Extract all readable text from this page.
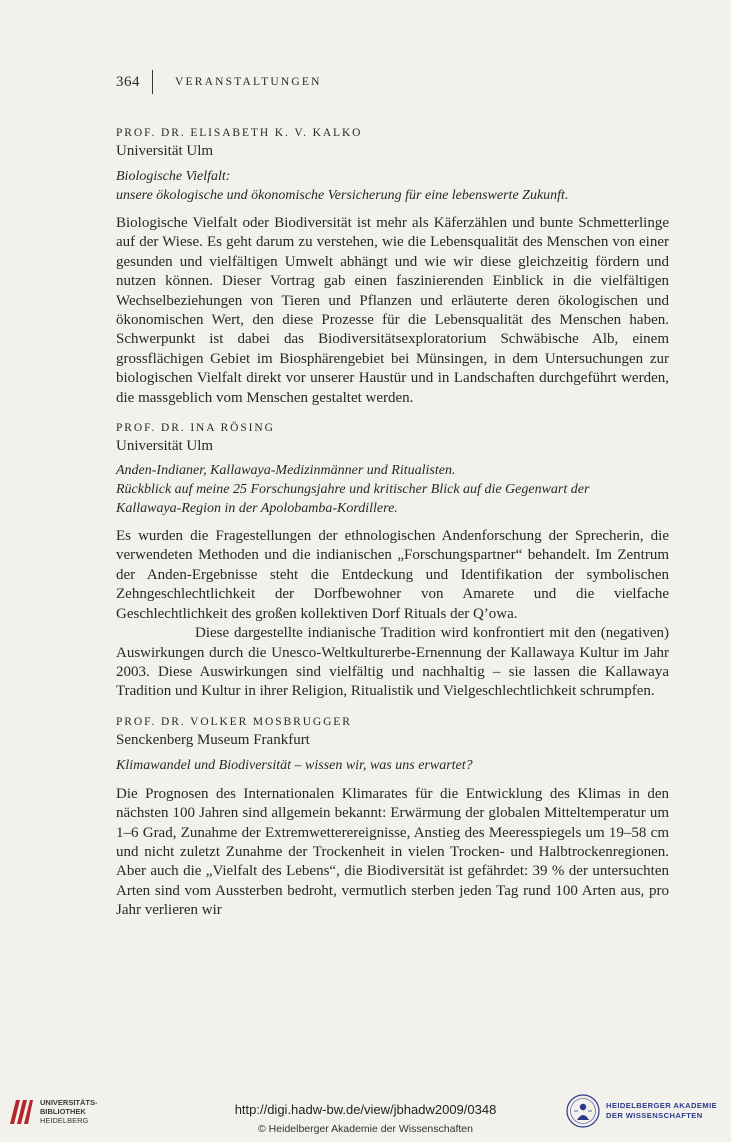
364	VERANSTALTUNGEN
PROF. DR. ELISABETH K. V. KALKO
Universität Ulm
Biologische Vielfalt:
unsere ökologische und ökonomische Versicherung für eine lebenswerte Zukunft.

Biologische Vielfalt oder Biodiversität ist mehr als Käferzählen und bunte Schmetterlinge auf der Wiese. Es geht darum zu verstehen, wie die Lebensqualität des Menschen von einer gesunden und vielfältigen Umwelt abhängt und wie wir diese gleichzeitig fördern und nutzen können. Dieser Vortrag gab einen faszinierenden Einblick in die vielfältigen Wechselbeziehungen von Tieren und Pflanzen und erläuterte deren ökologischen und ökonomischen Wert, den diese Prozesse für die Lebensqualität des Menschen haben. Schwerpunkt ist dabei das Biodiversitätsexploratorium Schwäbische Alb, einem grossflächigen Gebiet im Biosphärengebiet bei Münsingen, in dem Untersuchungen zur biologischen Vielfalt direkt vor unserer Haustür und in Landschaften durchgeführt werden, die massgeblich vom Menschen gestaltet werden.

PROF. DR. INA RÖSING
Universität Ulm
Anden-Indianer, Kallawaya-Medizinmänner und Ritualisten.
Rückblick auf meine 25 Forschungsjahre und kritischer Blick auf die Gegenwart der
Kallawaya-Region in der Apolobamba-Kordillere.

Es wurden die Fragestellungen der ethnologischen Andenforschung der Sprecherin, die verwendeten Methoden und die indianischen „Forschungspartner“ behandelt. Im Zentrum der Anden-Ergebnisse steht die Entdeckung und Identifikation der symbolischen Zehngeschlechtlichkeit der Dorfbewohner von Amarete und die vielfache Geschlechtlichkeit des großen kollektiven Dorf Rituals der Q’owa.

Diese dargestellte indianische Tradition wird konfrontiert mit den (negativen) Auswirkungen durch die Unesco-Weltkulturerbe-Ernennung der Kallawaya Kultur im Jahr 2003. Diese Auswirkungen sind vielfältig und nachhaltig – sie lassen die Kallawaya Tradition und Kultur in ihrer Religion, Ritualistik und Vielgeschlechtlichkeit schrumpfen.

PROF. DR. VOLKER MOSBRUGGER
Senckenberg Museum Frankfurt
Klimawandel und Biodiversität – wissen wir, was uns erwartet?

Die Prognosen des Internationalen Klimarates für die Entwicklung des Klimas in den nächsten 100 Jahren sind allgemein bekannt: Erwärmung der globalen Mitteltemperatur um 1–6 Grad, Zunahme der Extremwetterereignisse, Anstieg des Meeresspiegels um 19–58 cm und nicht zuletzt Zunahme der Trockenheit in vielen Trocken- und Halbtrockenregionen. Aber auch die „Vielfalt des Lebens“, die Biodiversität ist gefährdet: 39 % der untersuchten Arten sind vom Aussterben bedroht, vermutlich sterben jeden Tag rund 100 Arten aus, pro Jahr verlieren wir

UNIVERSITÄTS-
BIBLIOTHEK
HEIDELBERG
http://digi.hadw-bw.de/view/jbhadw2009/0348
© Heidelberger Akademie der Wissenschaften
HEIDELBERGER AKADEMIE
DER WISSENSCHAFTEN
